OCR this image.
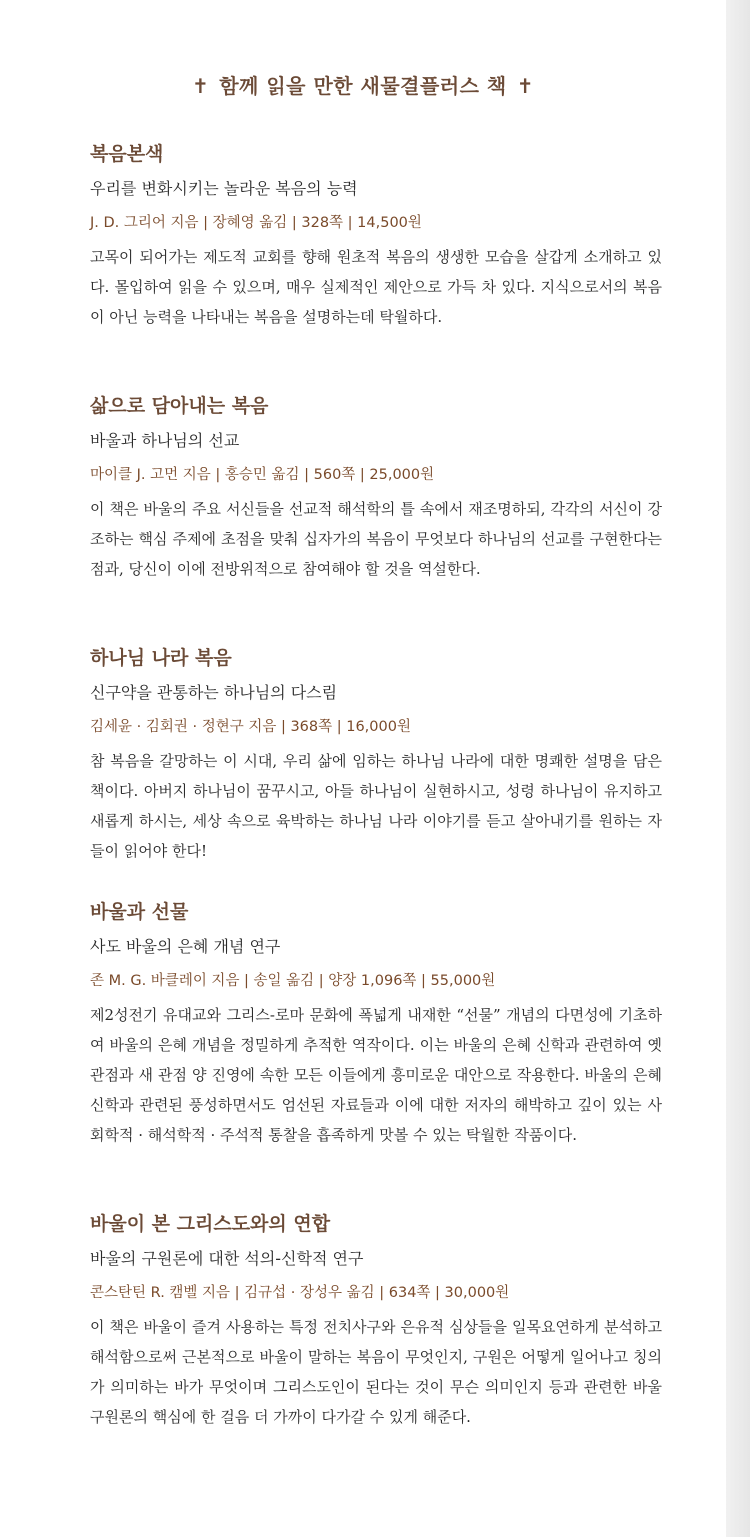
✝ 함께 읽을 만한 새물결플러스 책 ✝
복음본색
우리를 변화시키는 놀라운 복음의 능력
J. D. 그리어 지음 | 장혜영 옮김 | 328쪽 | 14,500원

고목이 되어가는 제도적 교회를 향해 원초적 복음의 생생한 모습을 살갑게 소개하고 있다. 몰입하여 읽을 수 있으며, 매우 실제적인 제안으로 가득 차 있다. 지식으로서의 복음이 아닌 능력을 나타내는 복음을 설명하는데 탁월하다.

삶으로 담아내는 복음
바울과 하나님의 선교
마이클 J. 고먼 지음 | 홍승민 옮김 | 560쪽 | 25,000원

이 책은 바울의 주요 서신들을 선교적 해석학의 틀 속에서 재조명하되, 각각의 서신이 강조하는 핵심 주제에 초점을 맞춰 십자가의 복음이 무엇보다 하나님의 선교를 구현한다는 점과, 당신이 이에 전방위적으로 참여해야 할 것을 역설한다.

하나님 나라 복음
신구약을 관통하는 하나님의 다스림
김세윤 · 김회권 · 정현구 지음 | 368쪽 | 16,000원

참 복음을 갈망하는 이 시대, 우리 삶에 임하는 하나님 나라에 대한 명쾌한 설명을 담은 책이다. 아버지 하나님이 꿈꾸시고, 아들 하나님이 실현하시고, 성령 하나님이 유지하고 새롭게 하시는, 세상 속으로 육박하는 하나님 나라 이야기를 듣고 살아내기를 원하는 자들이 읽어야 한다!

바울과 선물
사도 바울의 은혜 개념 연구
존 M. G. 바클레이 지음 | 송일 옮김 | 양장 1,096쪽 | 55,000원

제2성전기 유대교와 그리스-로마 문화에 폭넓게 내재한 “선물” 개념의 다면성에 기초하여 바울의 은혜 개념을 정밀하게 추적한 역작이다. 이는 바울의 은혜 신학과 관련하여 옛 관점과 새 관점 양 진영에 속한 모든 이들에게 흥미로운 대안으로 작용한다. 바울의 은혜 신학과 관련된 풍성하면서도 엄선된 자료들과 이에 대한 저자의 해박하고 깊이 있는 사회학적 · 해석학적 · 주석적 통찰을 흡족하게 맛볼 수 있는 탁월한 작품이다.

바울이 본 그리스도와의 연합
바울의 구원론에 대한 석의-신학적 연구
콘스탄틴 R. 캠벨 지음 | 김규섭 · 장성우 옮김 | 634쪽 | 30,000원

이 책은 바울이 즐겨 사용하는 특정 전치사구와 은유적 심상들을 일목요연하게 분석하고 해석함으로써 근본적으로 바울이 말하는 복음이 무엇인지, 구원은 어떻게 일어나고 칭의가 의미하는 바가 무엇이며 그리스도인이 된다는 것이 무슨 의미인지 등과 관련한 바울 구원론의 핵심에 한 걸음 더 가까이 다가갈 수 있게 해준다.
